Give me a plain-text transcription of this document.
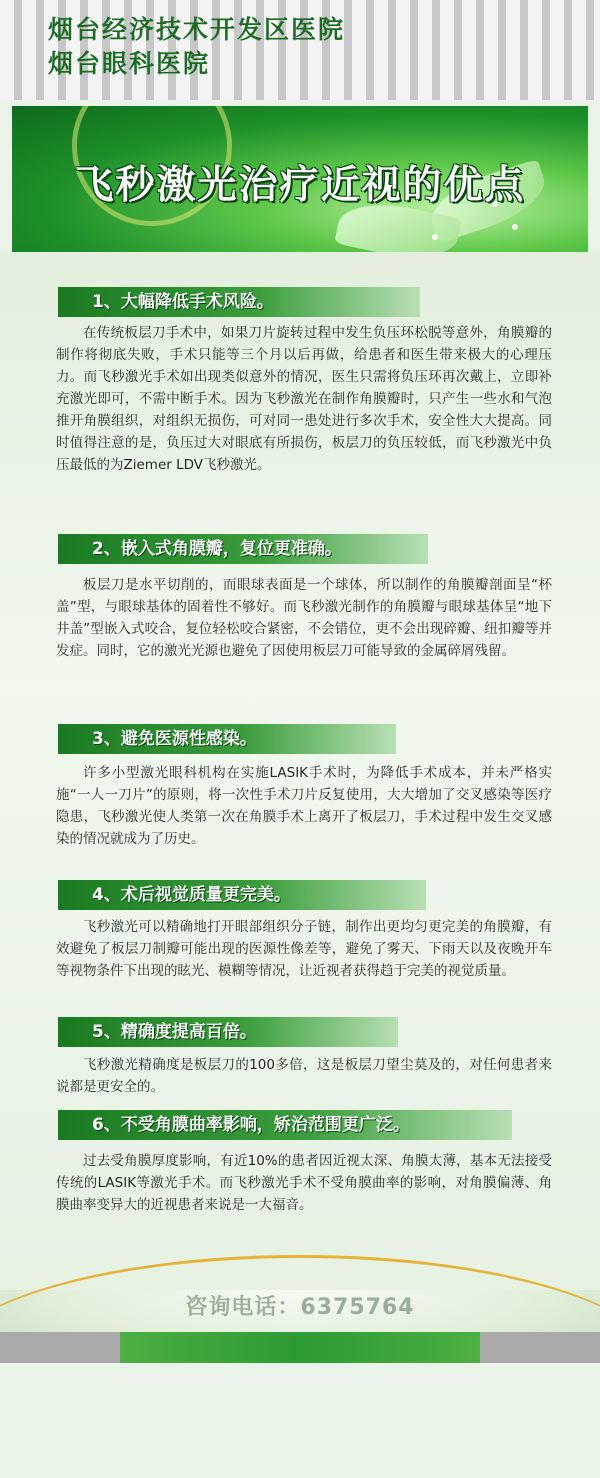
烟台经济技术开发区医院
烟台眼科医院
飞秒激光治疗近视的优点
1、大幅降低手术风险。

在传统板层刀手术中，如果刀片旋转过程中发生负压环松脱等意外，角膜瓣的制作将彻底失败，手术只能等三个月以后再做，给患者和医生带来极大的心理压力。而飞秒激光手术如出现类似意外的情况，医生只需将负压环再次戴上，立即补充激光即可，不需中断手术。因为飞秒激光在制作角膜瓣时，只产生一些水和气泡推开角膜组织，对组织无损伤，可对同一患处进行多次手术，安全性大大提高。同时值得注意的是，负压过大对眼底有所损伤，板层刀的负压较低，而飞秒激光中负压最低的为Ziemer LDV飞秒激光。

2、嵌入式角膜瓣，复位更准确。

板层刀是水平切削的，而眼球表面是一个球体，所以制作的角膜瓣剖面呈“杯盖”型，与眼球基体的固着性不够好。而飞秒激光制作的角膜瓣与眼球基体呈“地下井盖”型嵌入式咬合，复位轻松咬合紧密，不会错位，更不会出现碎瓣、纽扣瓣等并发症。同时，它的激光光源也避免了因使用板层刀可能导致的金属碎屑残留。

3、避免医源性感染。

许多小型激光眼科机构在实施LASIK手术时，为降低手术成本，并未严格实施“一人一刀片”的原则，将一次性手术刀片反复使用，大大增加了交叉感染等医疗隐患，飞秒激光使人类第一次在角膜手术上离开了板层刀，手术过程中发生交叉感染的情况就成为了历史。

4、术后视觉质量更完美。

飞秒激光可以精确地打开眼部组织分子链，制作出更均匀更完美的角膜瓣，有效避免了板层刀制瓣可能出现的医源性像差等，避免了雾天、下雨天以及夜晚开车等视物条件下出现的眩光、模糊等情况，让近视者获得趋于完美的视觉质量。

5、精确度提高百倍。

飞秒激光精确度是板层刀的100多倍，这是板层刀望尘莫及的，对任何患者来说都是更安全的。

6、不受角膜曲率影响，矫治范围更广泛。

过去受角膜厚度影响，有近10%的患者因近视太深、角膜太薄，基本无法接受传统的LASIK等激光手术。而飞秒激光手术不受角膜曲率的影响，对角膜偏薄、角膜曲率变异大的近视患者来说是一大福音。

咨询电话：6375764
